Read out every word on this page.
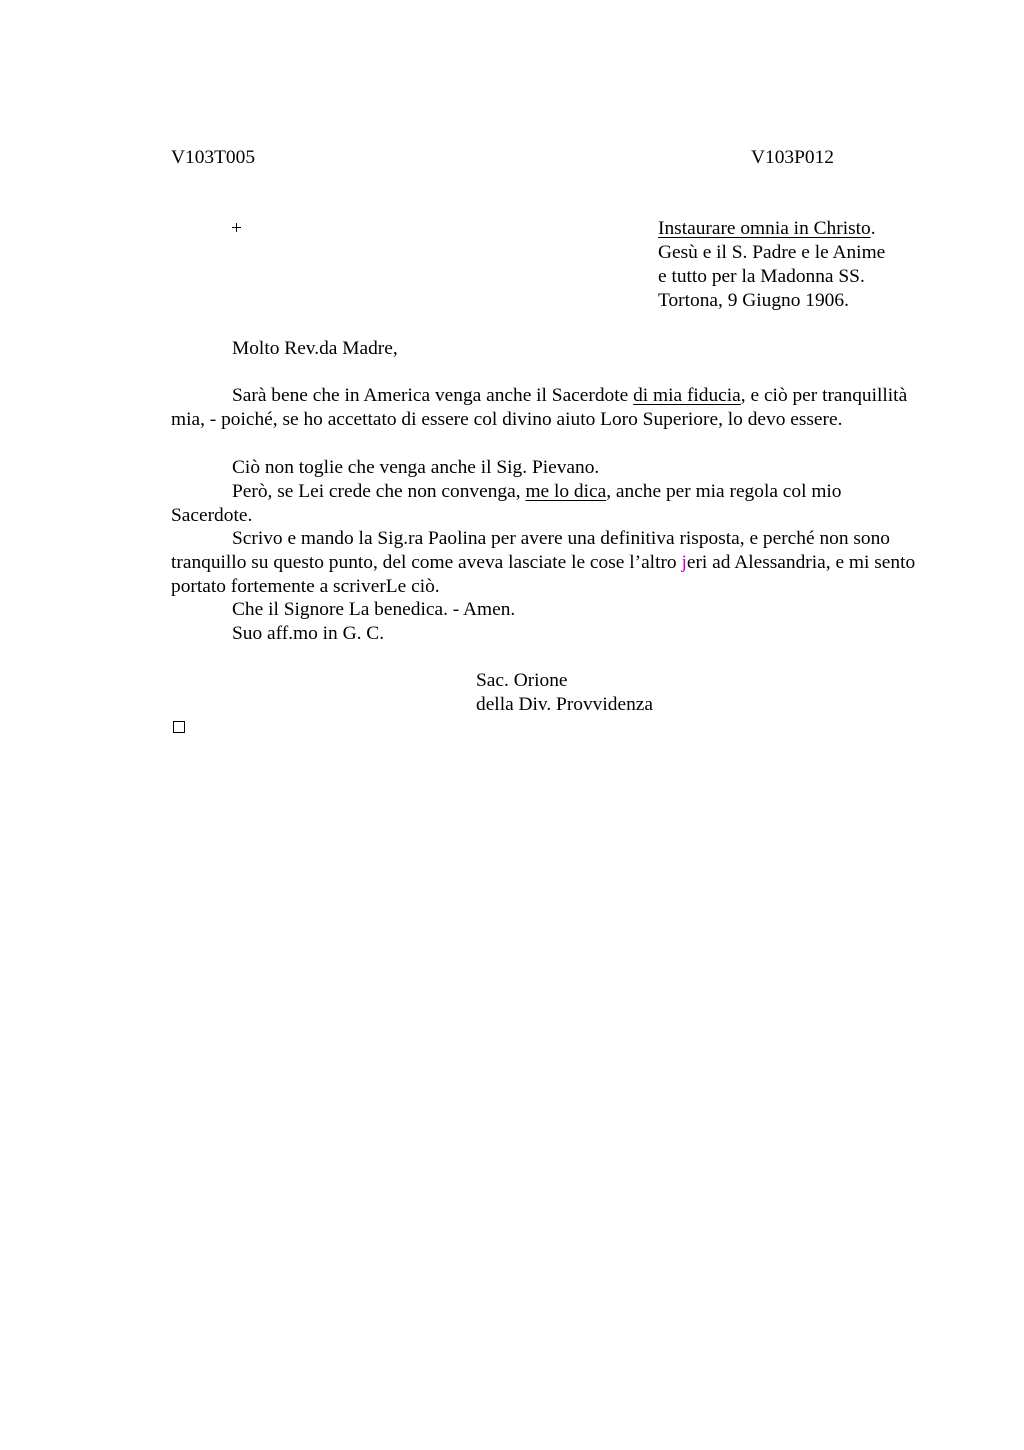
V103T005	V103P012
+	Instaurare omnia in Christo.
Gesù e il S. Padre e le Anime
e tutto per la Madonna SS.
Tortona, 9 Giugno 1906.
Molto Rev.da Madre,
Sarà bene che in America venga anche il Sacerdote di mia fiducia, e ciò per tranquillità mia, - poiché, se ho accettato di essere col divino aiuto Loro Superiore, lo devo essere.
Ciò non toglie che venga anche il Sig. Pievano.
Però, se Lei crede che non convenga, me lo dica, anche per mia regola col mio Sacerdote.
Scrivo e mando la Sig.ra Paolina per avere una definitiva risposta, e perché non sono tranquillo su questo punto, del come aveva lasciate le cose l’altro jeri ad Alessandria, e mi sento portato fortemente a scriverLe ciò.
Che il Signore La benedica. - Amen.
Suo aff.mo in G. C.
Sac. Orione
della Div. Provvidenza
